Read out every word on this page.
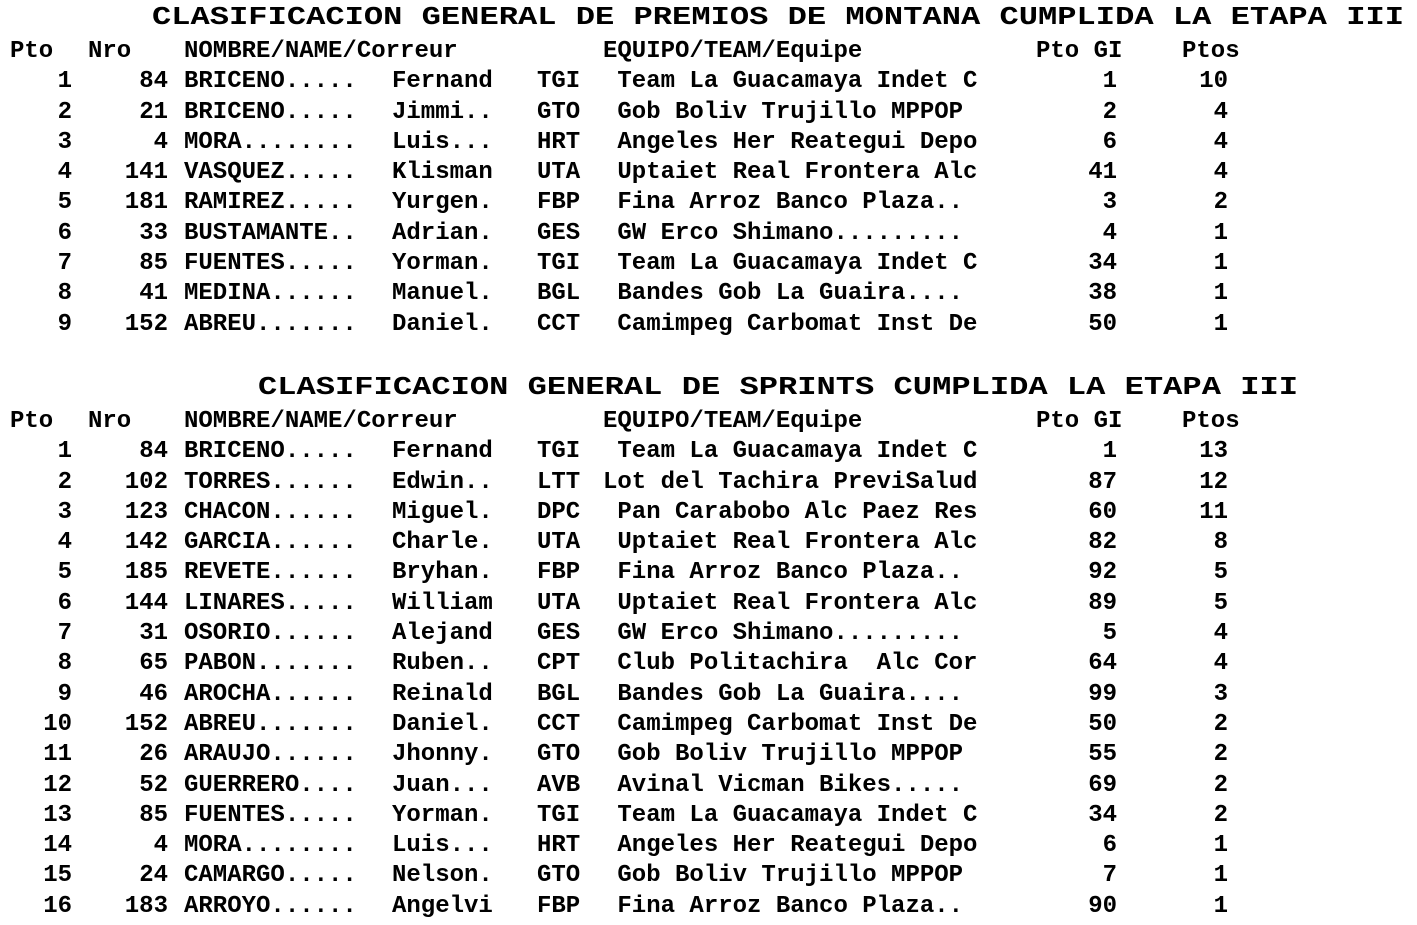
CLASIFICACION GENERAL DE PREMIOS DE MONTANA CUMPLIDA LA ETAPA III
Pto Nro NOMBRE/NAME/Correur	EQUIPO/TEAM/Equipe	Pto GI Ptos
1	84 BRICENO..... Fernand TGI Team La Guacamaya Indet C	1	10
2	21 BRICENO..... Jimmi.. GTO Gob Boliv Trujillo MPPOP	2	4
3	4 MORA........ Luis... HRT Angeles Her Reategui Depo	6	4
4	141 VASQUEZ..... Klisman UTA Uptaiet Real Frontera Alc	41	4
5	181 RAMIREZ..... Yurgen. FBP Fina Arroz Banco Plaza..	3	2
6	33 BUSTAMANTE.. Adrian. GES GW Erco Shimano.........	4	1
7	85 FUENTES..... Yorman. TGI Team La Guacamaya Indet C	34	1
8	41 MEDINA...... Manuel. BGL Bandes Gob La Guaira....	38	1
9	152 ABREU....... Daniel. CCT Camimpeg Carbomat Inst De	50	1
CLASIFICACION GENERAL DE SPRINTS CUMPLIDA LA ETAPA III
Pto Nro NOMBRE/NAME/Correur	EQUIPO/TEAM/Equipe	Pto GI Ptos
1	84 BRICENO..... Fernand TGI Team La Guacamaya Indet C	1	13
2	102 TORRES...... Edwin.. LTT Lot del Tachira PreviSalud	87	12
3	123 CHACON...... Miguel. DPC Pan Carabobo Alc Paez Res	60	11
4	142 GARCIA...... Charle. UTA Uptaiet Real Frontera Alc	82	8
5	185 REVETE...... Bryhan. FBP Fina Arroz Banco Plaza..	92	5
6	144 LINARES..... William UTA Uptaiet Real Frontera Alc	89	5
7	31 OSORIO...... Alejand GES GW Erco Shimano.........	5	4
8	65 PABON....... Ruben.. CPT Club Politachira  Alc Cor	64	4
9	46 AROCHA...... Reinald BGL Bandes Gob La Guaira....	99	3
10	152 ABREU....... Daniel. CCT Camimpeg Carbomat Inst De	50	2
11	26 ARAUJO...... Jhonny. GTO Gob Boliv Trujillo MPPOP	55	2
12	52 GUERRERO.... Juan... AVB Avinal Vicman Bikes.....	69	2
13	85 FUENTES..... Yorman. TGI Team La Guacamaya Indet C	34	2
14	4 MORA........ Luis... HRT Angeles Her Reategui Depo	6	1
15	24 CAMARGO..... Nelson. GTO Gob Boliv Trujillo MPPOP	7	1
16	183 ARROYO...... Angelvi FBP Fina Arroz Banco Plaza..	90	1
